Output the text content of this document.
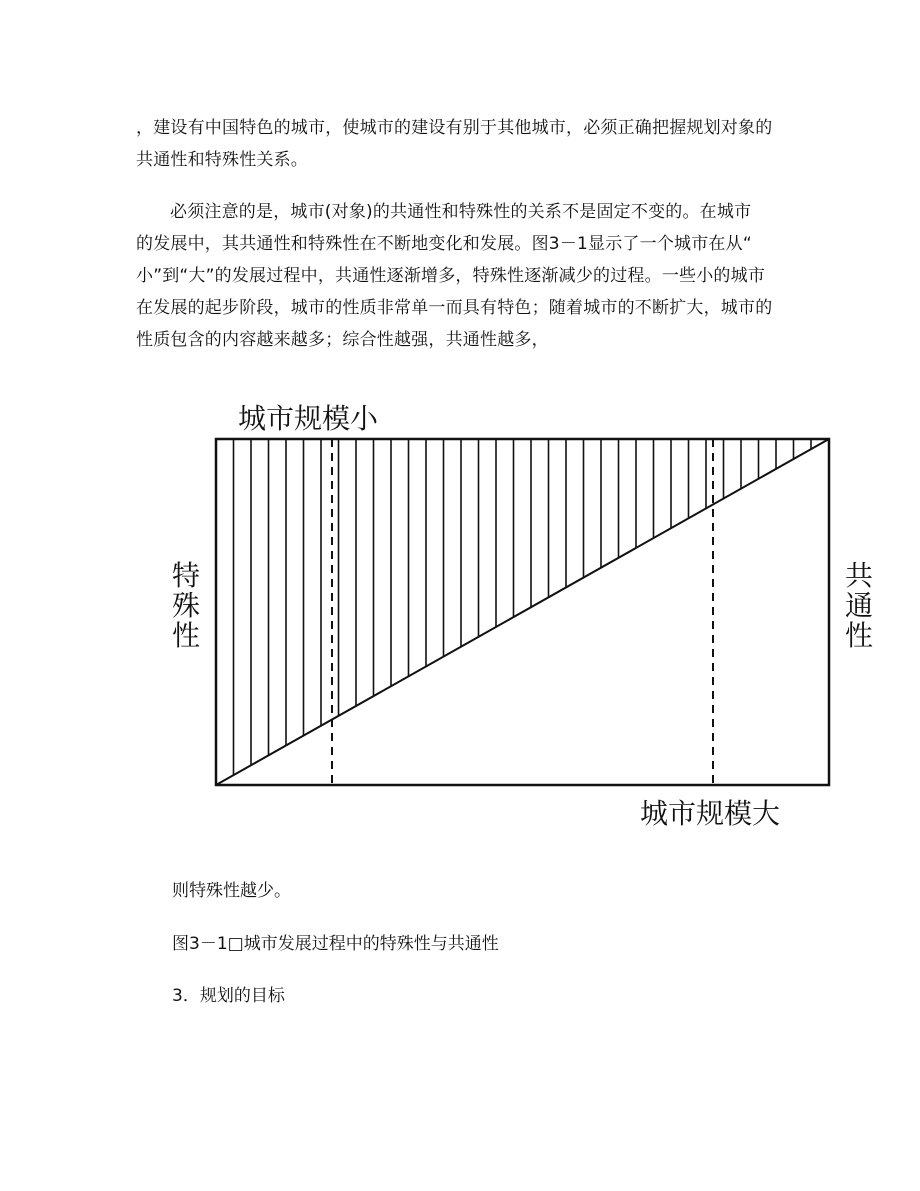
，建设有中国特色的城市，使城市的建设有别于其他城市，必须正确把握规划对象的
共通性和特殊性关系。
必须注意的是，城市(对象)的共通性和特殊性的关系不是固定不变的。在城市
的发展中，其共通性和特殊性在不断地变化和发展。图3－1显示了一个城市在从“
小”到“大”的发展过程中，共通性逐渐增多，特殊性逐渐减少的过程。一些小的城市
在发展的起步阶段，城市的性质非常单一而具有特色；随着城市的不断扩大，城市的
性质包含的内容越来越多；综合性越强，共通性越多，
城市规模小
城市规模大
特
殊
性
共
通
性
则特殊性越少。
图3－1□城市发展过程中的特殊性与共通性
3．规划的目标
